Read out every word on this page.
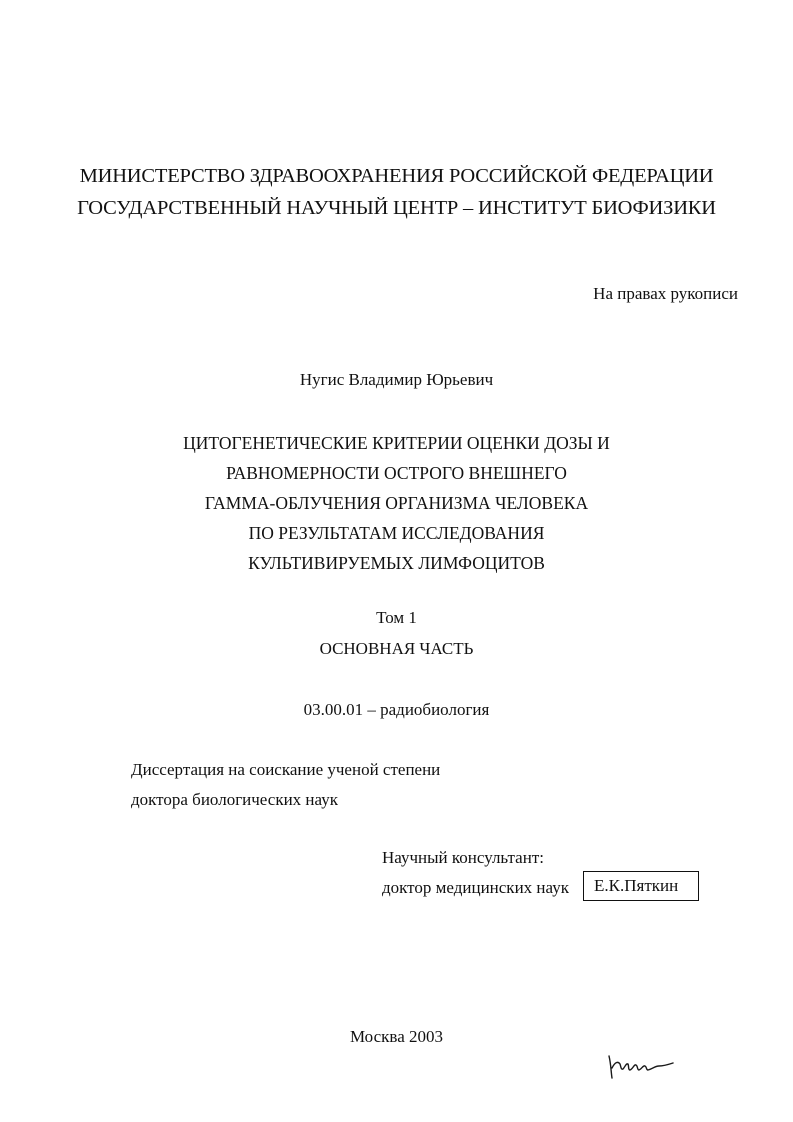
МИНИСТЕРСТВО ЗДРАВООХРАНЕНИЯ РОССИЙСКОЙ ФЕДЕРАЦИИ
ГОСУДАРСТВЕННЫЙ НАУЧНЫЙ ЦЕНТР – ИНСТИТУТ БИОФИЗИКИ
На правах рукописи
Нугис Владимир Юрьевич
ЦИТОГЕНЕТИЧЕСКИЕ КРИТЕРИИ ОЦЕНКИ ДОЗЫ И
РАВНОМЕРНОСТИ ОСТРОГО ВНЕШНЕГО
ГАММА-ОБЛУЧЕНИЯ ОРГАНИЗМА ЧЕЛОВЕКА
ПО РЕЗУЛЬТАТАМ ИССЛЕДОВАНИЯ
КУЛЬТИВИРУЕМЫХ ЛИМФОЦИТОВ
Том 1
ОСНОВНАЯ ЧАСТЬ
03.00.01 – радиобиология
Диссертация на соискание ученой степени
доктора биологических наук
Научный консультант:
доктор медицинских наук	Е.К.Пяткин
Москва 2003
